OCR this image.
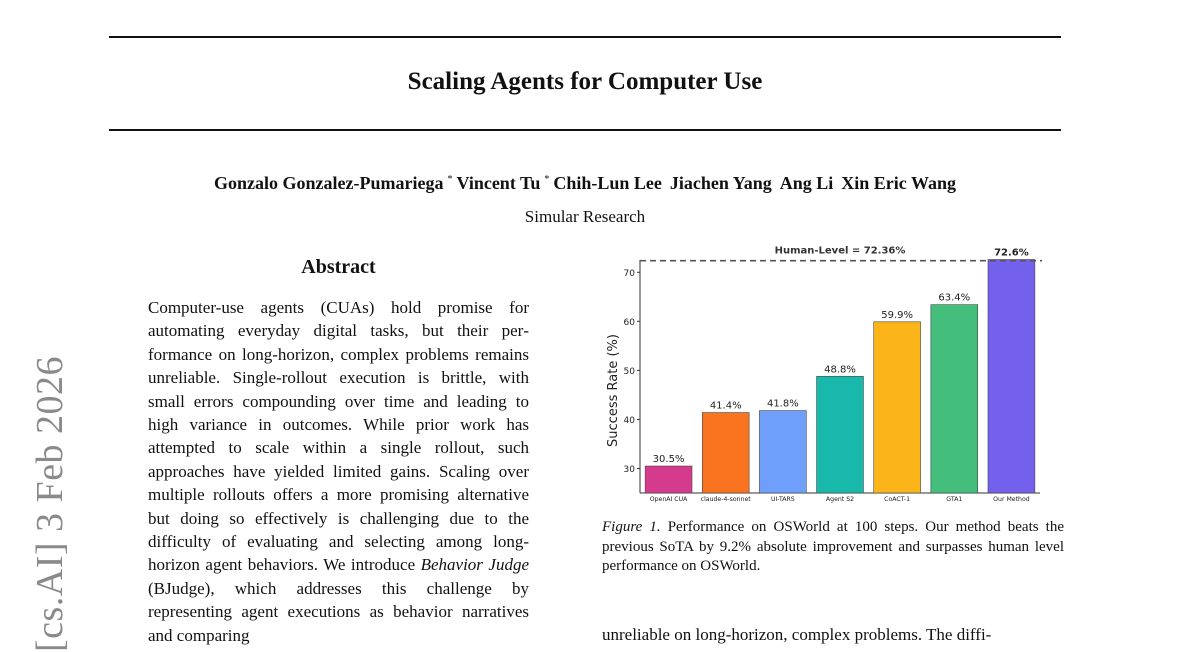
Scaling Agents for Computer Use
Gonzalo Gonzalez-Pumariega * Vincent Tu * Chih-Lun Lee Jiachen Yang Ang Li Xin Eric Wang
Simular Research
[cs.AI] 3 Feb 2026
Abstract

Computer-use agents (CUAs) hold promise for automating everyday digital tasks, but their performance on long-horizon, complex problems remains unreliable. Single-rollout execution is brittle, with small errors compounding over time and leading to high variance in outcomes. While prior work has attempted to scale within a single rollout, such approaches have yielded limited gains. Scaling over multiple rollouts offers a more promising alternative but doing so effectively is challenging due to the difficulty of evaluating and selecting among long-horizon agent behaviors. We introduce Behavior Judge (BJudge), which addresses this challenge by representing agent executions as behavior narratives and comparing

30
40
50
60
70
Success Rate (%)
30.5%
OpenAI CUA
41.4%
claude-4-sonnet
41.8%
UI-TARS
48.8%
Agent S2
59.9%
CoACT-1
63.4%
GTA1
72.6%
Our Method
Human-Level = 72.36%

Figure 1. Performance on OSWorld at 100 steps. Our method beats the previous SoTA by 9.2% absolute improvement and surpasses human level performance on OSWorld.

unreliable on long-horizon, complex problems. The diffi-
